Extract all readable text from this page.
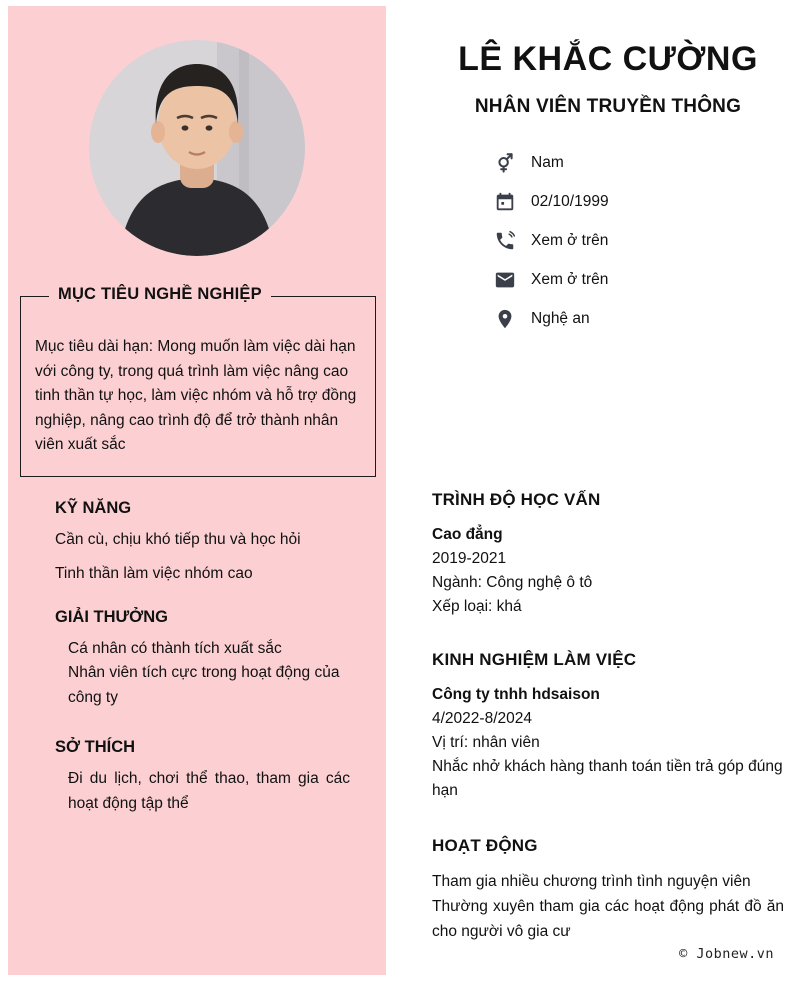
MỤC TIÊU NGHỀ NGHIỆP
Mục tiêu dài hạn: Mong muốn làm việc dài hạn với công ty, trong quá trình làm việc nâng cao tinh thần tự học, làm việc nhóm và hỗ trợ đồng nghiệp, nâng cao trình độ để trở thành nhân viên xuất sắc
KỸ NĂNG
Cần cù, chịu khó tiếp thu và học hỏi
Tinh thần làm việc nhóm cao
GIẢI THƯỞNG
Cá nhân có thành tích xuất sắc
Nhân viên tích cực trong hoạt động của công ty
SỞ THÍCH
Đi du lịch, chơi thể thao, tham gia các hoạt động tập thể
LÊ KHẮC CƯỜNG
NHÂN VIÊN TRUYỀN THÔNG
Nam
02/10/1999
Xem ở trên
Xem ở trên
Nghệ an
TRÌNH ĐỘ HỌC VẤN
Cao đẳng
2019-2021
Ngành: Công nghệ ô tô
Xếp loại: khá
KINH NGHIỆM LÀM VIỆC
Công ty tnhh hdsaison
4/2022-8/2024
Vị trí: nhân viên
Nhắc nhở khách hàng thanh toán tiền trả góp đúng hạn
HOẠT ĐỘNG
Tham gia nhiều chương trình tình nguyện viên
Thường xuyên tham gia các hoạt động phát đồ ăn cho người vô gia cư
© Jobnew.vn
